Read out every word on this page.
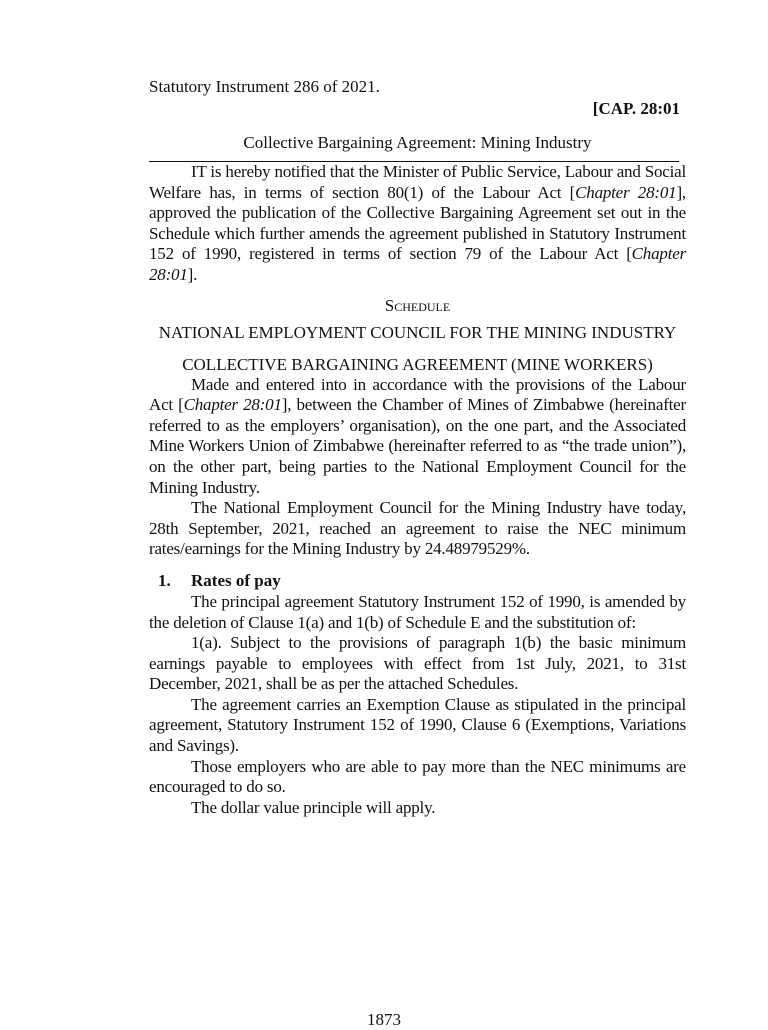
Statutory Instrument 286 of 2021.

[CAP. 28:01

Collective Bargaining Agreement: Mining Industry

IT is hereby notified that the Minister of Public Service, Labour and Social Welfare has, in terms of section 80(1) of the Labour Act [Chapter 28:01], approved the publication of the Collective Bargaining Agreement set out in the Schedule which further amends the agreement published in Statutory Instrument 152 of 1990, registered in terms of section 79 of the Labour Act [Chapter 28:01].

Schedule

NATIONAL EMPLOYMENT COUNCIL FOR THE MINING INDUSTRY

COLLECTIVE BARGAINING AGREEMENT (MINE WORKERS)

Made and entered into in accordance with the provisions of the Labour Act [Chapter 28:01], between the Chamber of Mines of Zimbabwe (hereinafter referred to as the employers’ organisation), on the one part, and the Associated Mine Workers Union of Zimbabwe (hereinafter referred to as “the trade union”), on the other part, being parties to the National Employment Council for the Mining Industry.

The National Employment Council for the Mining Industry have today, 28th September, 2021, reached an agreement to raise the NEC minimum rates/earnings for the Mining Industry by 24.48979529%.

1. Rates of pay

The principal agreement Statutory Instrument 152 of 1990, is amended by the deletion of Clause 1(a) and 1(b) of Schedule E and the substitution of:

1(a). Subject to the provisions of paragraph 1(b) the basic minimum earnings payable to employees with effect from 1st July, 2021, to 31st December, 2021, shall be as per the attached Schedules.

The agreement carries an Exemption Clause as stipulated in the principal agreement, Statutory Instrument 152 of 1990, Clause 6 (Exemptions, Variations and Savings).

Those employers who are able to pay more than the NEC minimums are encouraged to do so.

The dollar value principle will apply.

1873
